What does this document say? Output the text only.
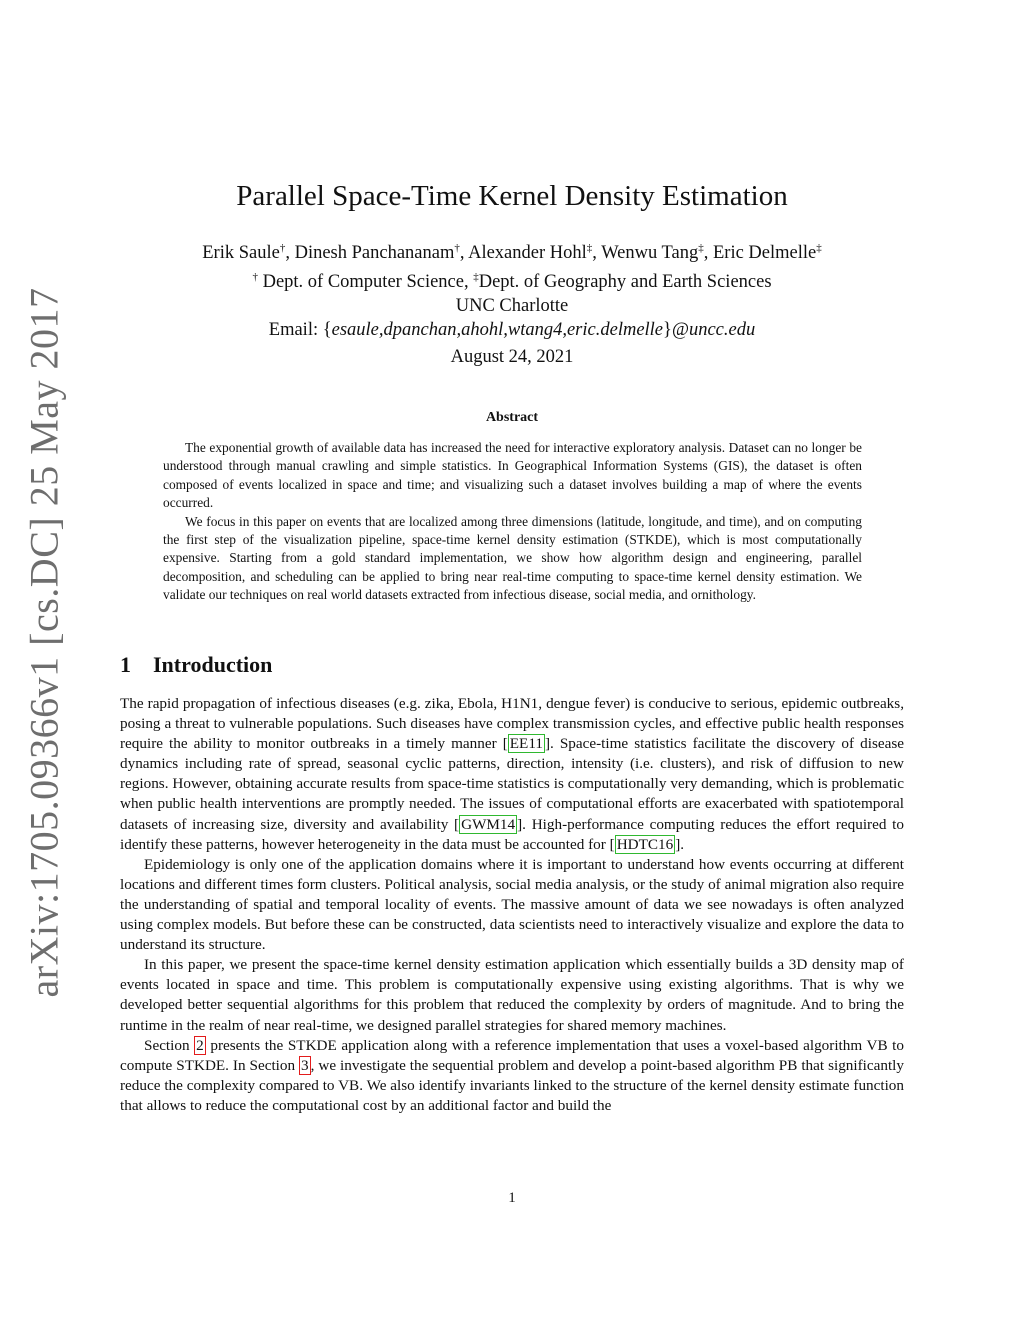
arXiv:1705.09366v1 [cs.DC] 25 May 2017
Parallel Space-Time Kernel Density Estimation
Erik Saule†, Dinesh Panchananam†, Alexander Hohl‡, Wenwu Tang‡, Eric Delmelle‡
† Dept. of Computer Science, ‡Dept. of Geography and Earth Sciences
UNC Charlotte
Email: {esaule,dpanchan,ahohl,wtang4,eric.delmelle}@uncc.edu
August 24, 2021
Abstract

The exponential growth of available data has increased the need for interactive exploratory analysis. Dataset can no longer be understood through manual crawling and simple statistics. In Geographical Information Systems (GIS), the dataset is often composed of events localized in space and time; and visualizing such a dataset involves building a map of where the events occurred.

We focus in this paper on events that are localized among three dimensions (latitude, longitude, and time), and on computing the first step of the visualization pipeline, space-time kernel density estimation (STKDE), which is most computationally expensive. Starting from a gold standard implementation, we show how algorithm design and engineering, parallel decomposition, and scheduling can be applied to bring near real-time computing to space-time kernel density estimation. We validate our techniques on real world datasets extracted from infectious disease, social media, and ornithology.

1 Introduction

The rapid propagation of infectious diseases (e.g. zika, Ebola, H1N1, dengue fever) is conducive to serious, epidemic outbreaks, posing a threat to vulnerable populations. Such diseases have complex transmission cycles, and effective public health responses require the ability to monitor outbreaks in a timely manner [ EE11 ]. Space-time statistics facilitate the discovery of disease dynamics including rate of spread, seasonal cyclic patterns, direction, intensity (i.e. clusters), and risk of diffusion to new regions. However, obtaining accurate results from space-time statistics is computationally very demanding, which is problematic when public health interventions are promptly needed. The issues of computational efforts are exacerbated with spatiotemporal datasets of increasing size, diversity and availability [ GWM14 ]. High-performance computing reduces the effort required to identify these patterns, however heterogeneity in the data must be accounted for [ HDTC16 ].

Epidemiology is only one of the application domains where it is important to understand how events occurring at different locations and different times form clusters. Political analysis, social media analysis, or the study of animal migration also require the understanding of spatial and temporal locality of events. The massive amount of data we see nowadays is often analyzed using complex models. But before these can be constructed, data scientists need to interactively visualize and explore the data to understand its structure.

In this paper, we present the space-time kernel density estimation application which essentially builds a 3D density map of events located in space and time. This problem is computationally expensive using existing algorithms. That is why we developed better sequential algorithms for this problem that reduced the complexity by orders of magnitude. And to bring the runtime in the realm of near real-time, we designed parallel strategies for shared memory machines.

Section 2 presents the STKDE application along with a reference implementation that uses a voxel-based algorithm VB to compute STKDE. In Section 3 , we investigate the sequential problem and develop a point-based algorithm PB that significantly reduce the complexity compared to VB. We also identify invariants linked to the structure of the kernel density estimate function that allows to reduce the computational cost by an additional factor and build the

1
